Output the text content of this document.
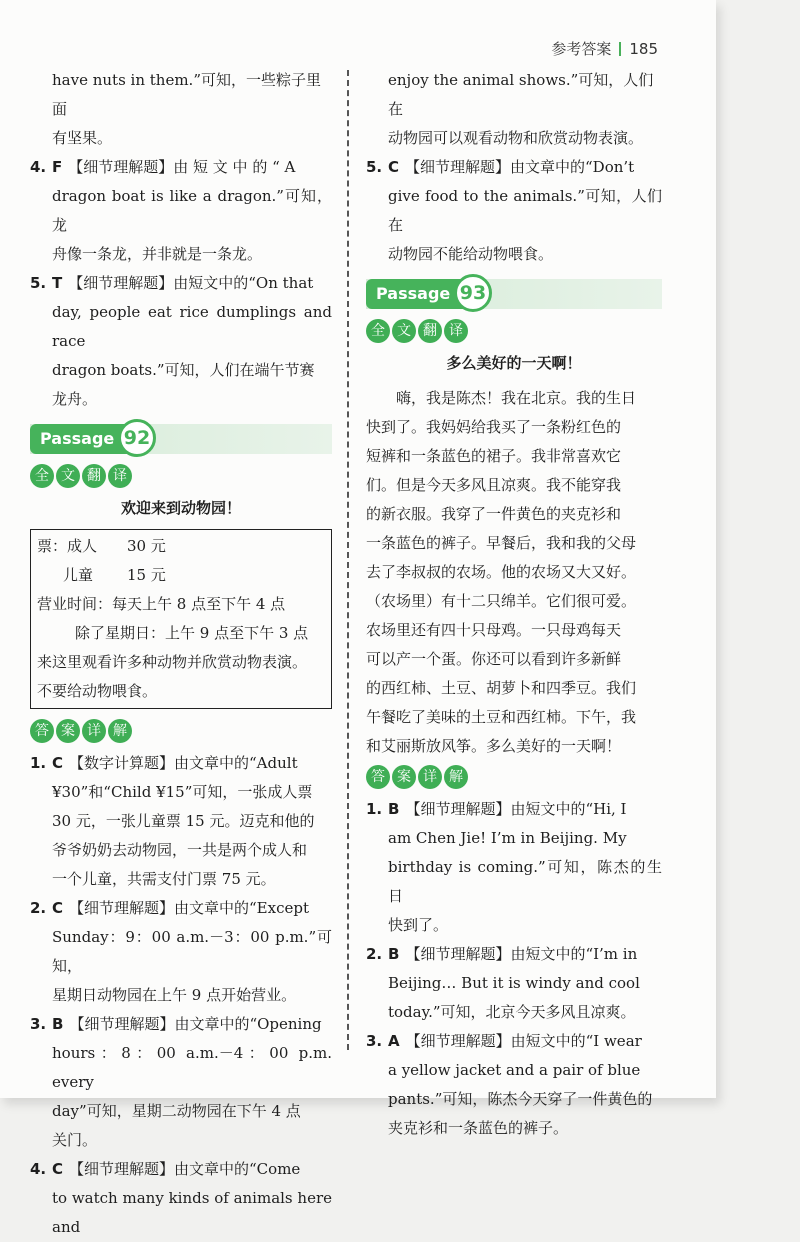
参考答案 185
have nuts in them.”可知，一些粽子里面
有坚果。
4. F 【细节理解题】由 短 文 中 的 “ A
dragon boat is like a dragon.”可知，龙
舟像一条龙，并非就是一条龙。
5. T 【细节理解题】由短文中的“On that
day, people eat rice dumplings and race
dragon boats.”可知，人们在端午节赛
龙舟。
Passage 92
全 文 翻 译
欢迎来到动物园！
票：成人 30 元
儿童 15 元
营业时间：每天上午 8 点至下午 4 点
除了星期日：上午 9 点至下午 3 点
来这里观看许多种动物并欣赏动物表演。
不要给动物喂食。
答 案 详 解
1. C 【数字计算题】由文章中的“Adult
¥30”和“Child ¥15”可知，一张成人票
30 元，一张儿童票 15 元。迈克和他的
爷爷奶奶去动物园，一共是两个成人和
一个儿童，共需支付门票 75 元。
2. C 【细节理解题】由文章中的“Except
Sunday：9：00 a.m.－3：00 p.m.”可知，
星期日动物园在上午 9 点开始营业。
3. B 【细节理解题】由文章中的“Opening
hours：8：00 a.m.－4：00 p.m. every
day”可知，星期二动物园在下午 4 点
关门。
4. C 【细节理解题】由文章中的“Come
to watch many kinds of animals here and
enjoy the animal shows.”可知，人们在
动物园可以观看动物和欣赏动物表演。
5. C 【细节理解题】由文章中的“Don’t
give food to the animals.”可知，人们在
动物园不能给动物喂食。
Passage 93
全 文 翻 译
多么美好的一天啊！
嗨，我是陈杰！我在北京。我的生日
快到了。我妈妈给我买了一条粉红色的
短裤和一条蓝色的裙子。我非常喜欢它
们。但是今天多风且凉爽。我不能穿我
的新衣服。我穿了一件黄色的夹克衫和
一条蓝色的裤子。早餐后，我和我的父母
去了李叔叔的农场。他的农场又大又好。
（农场里）有十二只绵羊。它们很可爱。
农场里还有四十只母鸡。一只母鸡每天
可以产一个蛋。你还可以看到许多新鲜
的西红柿、土豆、胡萝卜和四季豆。我们
午餐吃了美味的土豆和西红柿。下午，我
和艾丽斯放风筝。多么美好的一天啊！
答 案 详 解
1. B 【细节理解题】由短文中的“Hi, I
am Chen Jie! I’m in Beijing. My
birthday is coming.”可知，陈杰的生日
快到了。
2. B 【细节理解题】由短文中的“I’m in
Beijing… But it is windy and cool
today.”可知，北京今天多风且凉爽。
3. A 【细节理解题】由短文中的“I wear
a yellow jacket and a pair of blue
pants.”可知，陈杰今天穿了一件黄色的
夹克衫和一条蓝色的裤子。
